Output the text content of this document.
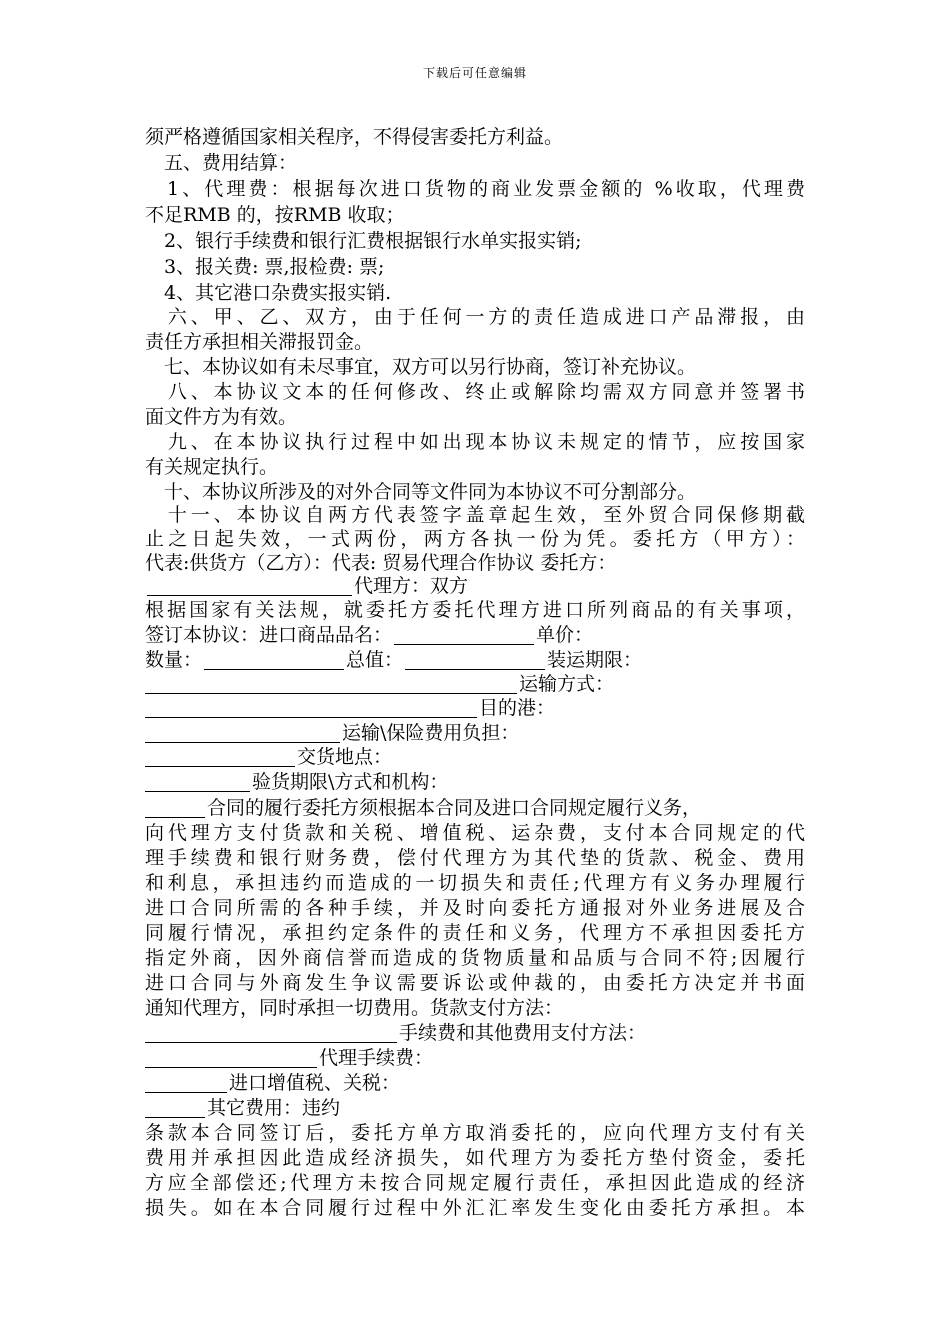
下载后可任意编辑
须严格遵循国家相关程序，不得侵害委托方利益。
　五、费用结算：
　1、代理费：根据每次进口货物的商业发票金额的 %收取，代理费
不足RMB 的，按RMB 收取；
　2、银行手续费和银行汇费根据银行水单实报实销;
　3、报关费: 票,报检费: 票;
　4、其它港口杂费实报实销.
　六、甲、乙、双方，由于任何一方的责任造成进口产品滞报，由
责任方承担相关滞报罚金。
　七、本协议如有未尽事宜，双方可以另行协商，签订补充协议。
　八、本协议文本的任何修改、终止或解除均需双方同意并签署书
面文件方为有效。
　九、在本协议执行过程中如出现本协议未规定的情节，应按国家
有关规定执行。
　十、本协议所涉及的对外合同等文件同为本协议不可分割部分。
　十一、本协议自两方代表签字盖章起生效，至外贸合同保修期截
止之日起失效，一式两份，两方各执一份为凭。委托方（甲方）：
代表:供货方（乙方）：代表: 贸易代理合作协议 委托方：
代理方： 双方
根据国家有关法规，就委托方委托代理方进口所列商品的有关事项，
签订本协议：进口商品品名：	单价：
数量：	总值：	装运期限：
运输方式：
目的港：
运输\保险费用负担：
交货地点：
验货期限\方式和机构：
合同的履行委托方须根据本合同及进口合同规定履行义务，
向代理方支付货款和关税、增值税、运杂费，支付本合同规定的代
理手续费和银行财务费，偿付代理方为其代垫的货款、税金、费用
和利息，承担违约而造成的一切损失和责任;代理方有义务办理履行
进口合同所需的各种手续，并及时向委托方通报对外业务进展及合
同履行情况，承担约定条件的责任和义务，代理方不承担因委托方
指定外商，因外商信誉而造成的货物质量和品质与合同不符;因履行
进口合同与外商发生争议需要诉讼或仲裁的，由委托方决定并书面
通知代理方，同时承担一切费用。货款支付方法：
手续费和其他费用支付方法：
代理手续费：
进口增值税、关税：
其它费用： 违约
条款本合同签订后，委托方单方取消委托的，应向代理方支付有关
费用并承担因此造成经济损失，如代理方为委托方垫付资金，委托
方应全部偿还;代理方未按合同规定履行责任，承担因此造成的经济
损失。如在本合同履行过程中外汇汇率发生变化由委托方承担。本
